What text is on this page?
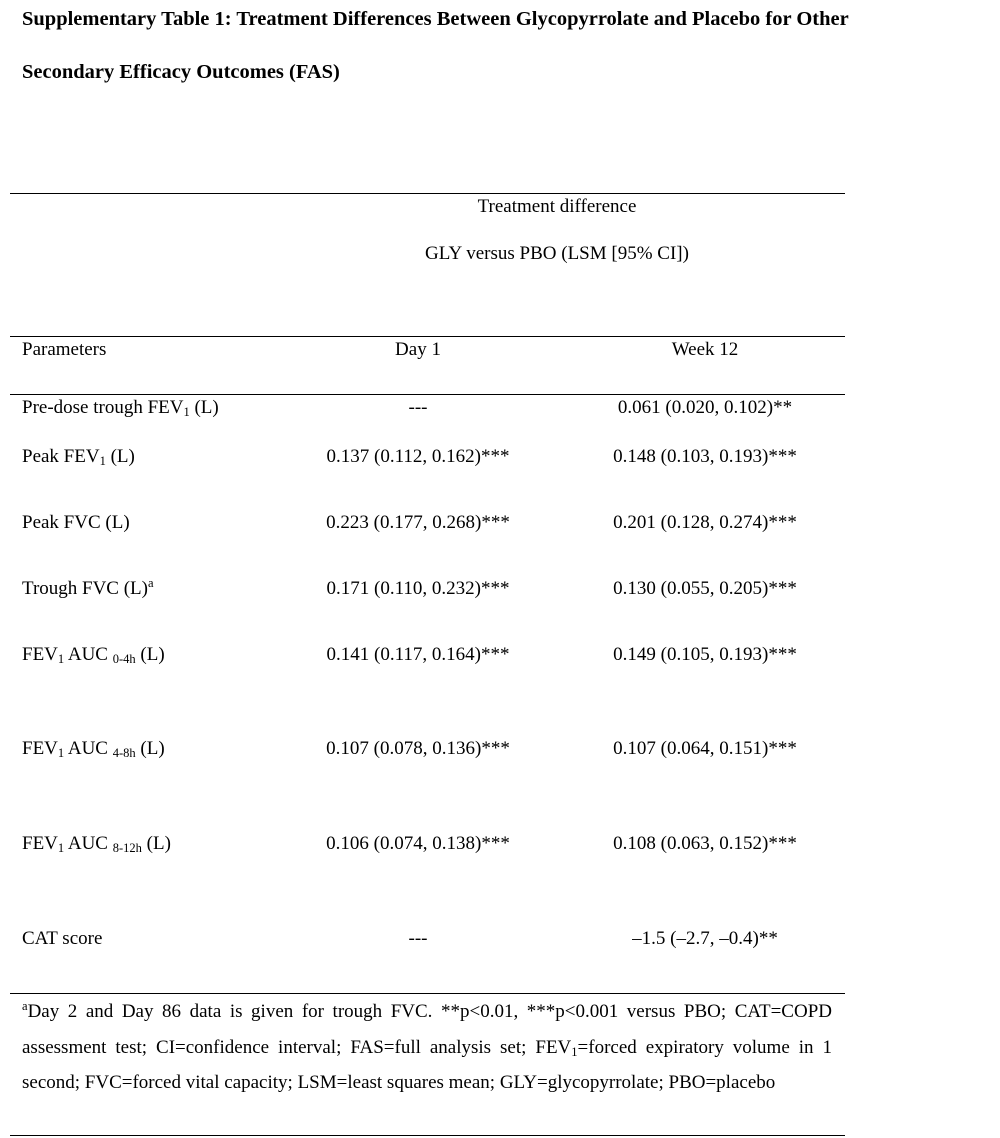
Supplementary Table 1: Treatment Differences Between Glycopyrrolate and Placebo for Other
Secondary Efficacy Outcomes (FAS)
Treatment difference
GLY versus PBO (LSM [95% CI])
Parameters	Day 1	Week 12
Pre-dose trough $FEV_1$ (L)	---	0.061 (0.020, 0.102)**
Peak $FEV_1$ (L)	0.137 (0.112, 0.162)***	0.148 (0.103, 0.193)***
Peak FVC (L)	0.223 (0.177, 0.268)***	0.201 (0.128, 0.274)***
Trough FVC $(L)^a$	0.171 (0.110, 0.232)***	0.130 (0.055, 0.205)***
$FEV_1$ AUC $_{0-4h}$ (L)	0.141 (0.117, 0.164)***	0.149 (0.105, 0.193)***
$FEV_1$ AUC $_{4-8h}$ (L)	0.107 (0.078, 0.136)***	0.107 (0.064, 0.151)***
$FEV_1$ AUC $_{8-12h}$ (L)	0.106 (0.074, 0.138)***	0.108 (0.063, 0.152)***
CAT score	---	–1.5 (–2.7, –0.4)**
$^a$Day 2 and Day 86 data is given for trough FVC. **p<0.01, ***p<0.001 versus PBO; CAT=COPD assessment test; CI=confidence interval; FAS=full analysis set; $FEV_1=forced$ expiratory volume in 1 second; FVC=forced vital capacity; LSM=least squares mean; GLY=glycopyrrolate; PBO=placebo
